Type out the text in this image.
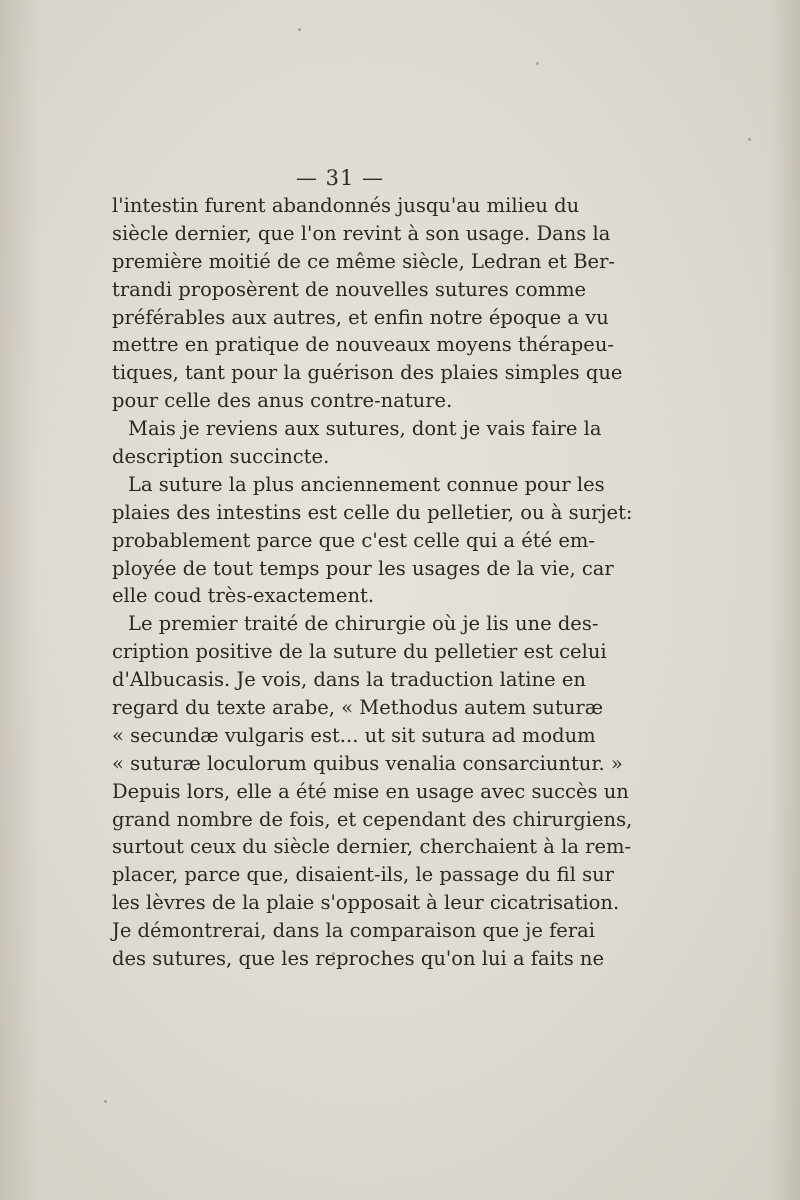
— 31 —
l'intestin furent abandonnés jusqu'au milieu du
siècle dernier, que l'on revint à son usage. Dans la
première moitié de ce même siècle, Ledran et Ber-
trandi proposèrent de nouvelles sutures comme
préférables aux autres, et enfin notre époque a vu
mettre en pratique de nouveaux moyens thérapeu-
tiques, tant pour la guérison des plaies simples que
pour celle des anus contre-nature.
Mais je reviens aux sutures, dont je vais faire la
description succincte.
La suture la plus anciennement connue pour les
plaies des intestins est celle du pelletier, ou à surjet:
probablement parce que c'est celle qui a été em-
ployée de tout temps pour les usages de la vie, car
elle coud très-exactement.
Le premier traité de chirurgie où je lis une des-
cription positive de la suture du pelletier est celui
d'Albucasis. Je vois, dans la traduction latine en
regard du texte arabe, « Methodus autem suturæ
« secundæ vulgaris est... ut sit sutura ad modum
« suturæ loculorum quibus venalia consarciuntur. »
Depuis lors, elle a été mise en usage avec succès un
grand nombre de fois, et cependant des chirurgiens,
surtout ceux du siècle dernier, cherchaient à la rem-
placer, parce que, disaient-ils, le passage du fil sur
les lèvres de la plaie s'opposait à leur cicatrisation.
Je démontrerai, dans la comparaison que je ferai
des sutures, que les reproches qu'on lui a faits ne
